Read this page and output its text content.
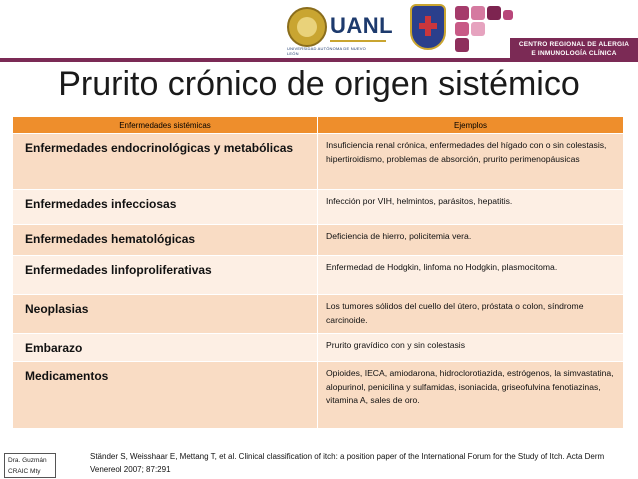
UNIVERSIDAD AUTÓNOMA DE NUEVO LEÓN
UANL
CENTRO REGIONAL DE ALERGIA
E INMUNOLOGÍA CLÍNICA
Prurito crónico de origen sistémico
Enfermedades sistémicas	Ejemplos
Enfermedades endocrinológicas y metabólicas	Insuficiencia renal crónica, enfermedades del hígado con o sin colestasis, hipertiroidismo, problemas de absorción, prurito perimenopáusicas
Enfermedades infecciosas	Infección por VIH, helmintos, parásitos, hepatitis.
Enfermedades hematológicas	Deficiencia de hierro, policitemia vera.
Enfermedades linfoproliferativas	Enfermedad de Hodgkin, linfoma no Hodgkin, plasmocitoma.
Neoplasias	Los tumores sólidos del cuello del útero, próstata o colon, síndrome carcinoide.
Embarazo	Prurito gravídico con y sin colestasis
Medicamentos	Opioides, IECA, amiodarona, hidroclorotiazida, estrógenos, la simvastatina, alopurinol, penicilina y sulfamidas, isoniacida, griseofulvina fenotiazinas, vitamina A, sales de oro.
Dra. Guzmán
CRAIC Mty
Ständer S, Weisshaar E, Mettang T, et al. Clinical classification of itch: a position paper of the International Forum for the Study of Itch. Acta Derm Venereol 2007; 87:291
